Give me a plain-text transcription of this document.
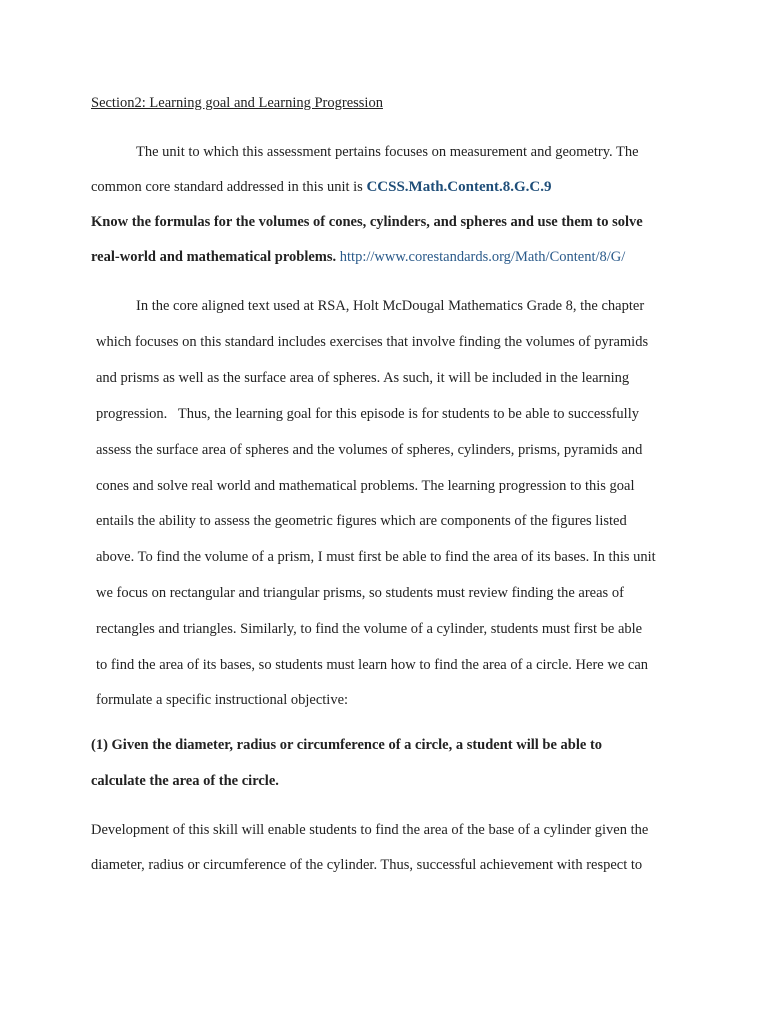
Section2: Learning goal and Learning Progression
The unit to which this assessment pertains focuses on measurement and geometry. The
common core standard addressed in this unit is CCSS.Math.Content.8.G.C.9
Know the formulas for the volumes of cones, cylinders, and spheres and use them to solve
real-world and mathematical problems. http://www.corestandards.org/Math/Content/8/G/
In the core aligned text used at RSA, Holt McDougal Mathematics Grade 8, the chapter
which focuses on this standard includes exercises that involve finding the volumes of pyramids
and prisms as well as the surface area of spheres. As such, it will be included in the learning
progression.   Thus, the learning goal for this episode is for students to be able to successfully
assess the surface area of spheres and the volumes of spheres, cylinders, prisms, pyramids and
cones and solve real world and mathematical problems. The learning progression to this goal
entails the ability to assess the geometric figures which are components of the figures listed
above. To find the volume of a prism, I must first be able to find the area of its bases. In this unit
we focus on rectangular and triangular prisms, so students must review finding the areas of
rectangles and triangles. Similarly, to find the volume of a cylinder, students must first be able
to find the area of its bases, so students must learn how to find the area of a circle. Here we can
formulate a specific instructional objective:
(1) Given the diameter, radius or circumference of a circle, a student will be able to
calculate the area of the circle.
Development of this skill will enable students to find the area of the base of a cylinder given the
diameter, radius or circumference of the cylinder. Thus, successful achievement with respect to
